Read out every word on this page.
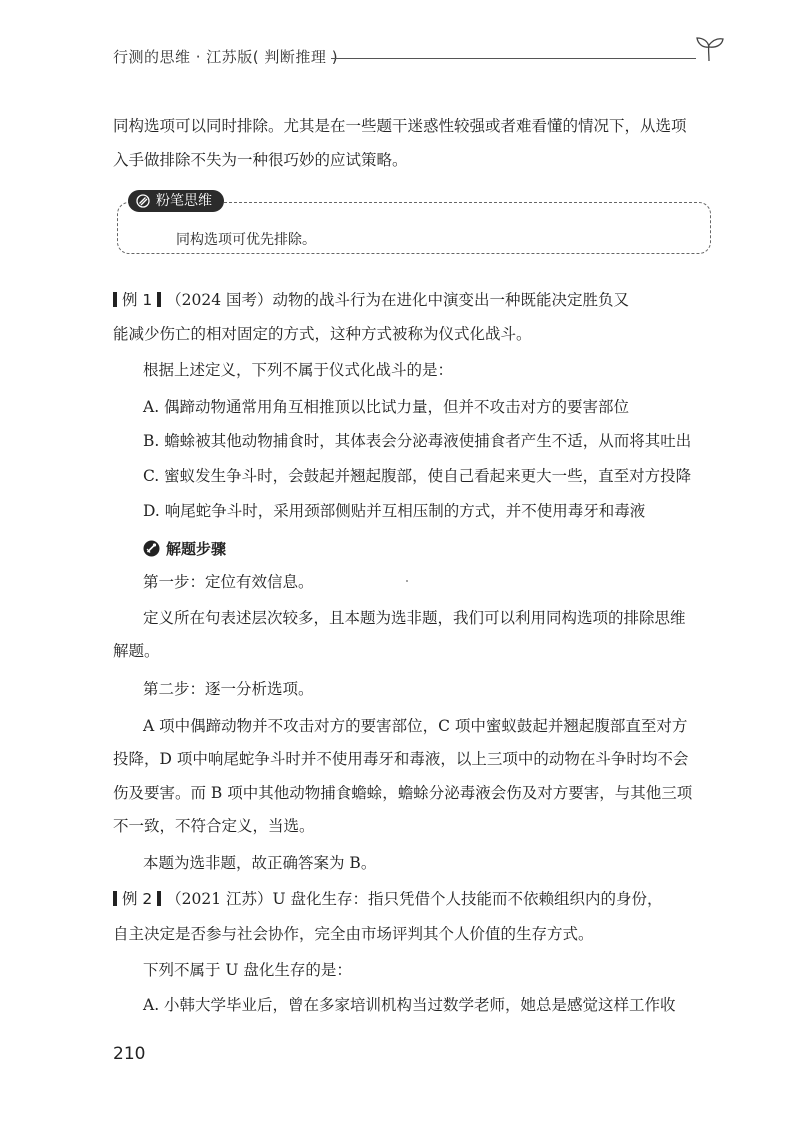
行测的思维 · 江苏版( 判断推理 )
同构选项可以同时排除。尤其是在一些题干迷惑性较强或者难看懂的情况下，从选项
入手做排除不失为一种很巧妙的应试策略。
粉笔思维
同构选项可优先排除。
例 1 （2024 国考）动物的战斗行为在进化中演变出一种既能决定胜负又
能减少伤亡的相对固定的方式，这种方式被称为仪式化战斗。
根据上述定义，下列不属于仪式化战斗的是：
A. 偶蹄动物通常用角互相推顶以比试力量，但并不攻击对方的要害部位
B. 蟾蜍被其他动物捕食时，其体表会分泌毒液使捕食者产生不适，从而将其吐出
C. 蜜蚁发生争斗时，会鼓起并翘起腹部，使自己看起来更大一些，直至对方投降
D. 响尾蛇争斗时，采用颈部侧贴并互相压制的方式，并不使用毒牙和毒液
解题步骤
第一步：定位有效信息。
定义所在句表述层次较多，且本题为选非题，我们可以利用同构选项的排除思维
解题。
第二步：逐一分析选项。
A 项中偶蹄动物并不攻击对方的要害部位，C 项中蜜蚁鼓起并翘起腹部直至对方
投降，D 项中响尾蛇争斗时并不使用毒牙和毒液，以上三项中的动物在斗争时均不会
伤及要害。而 B 项中其他动物捕食蟾蜍，蟾蜍分泌毒液会伤及对方要害，与其他三项
不一致，不符合定义，当选。
本题为选非题，故正确答案为 B。
例 2 （2021 江苏）U 盘化生存：指只凭借个人技能而不依赖组织内的身份，
自主决定是否参与社会协作，完全由市场评判其个人价值的生存方式。
下列不属于 U 盘化生存的是：
A. 小韩大学毕业后，曾在多家培训机构当过数学老师，她总是感觉这样工作收
210
